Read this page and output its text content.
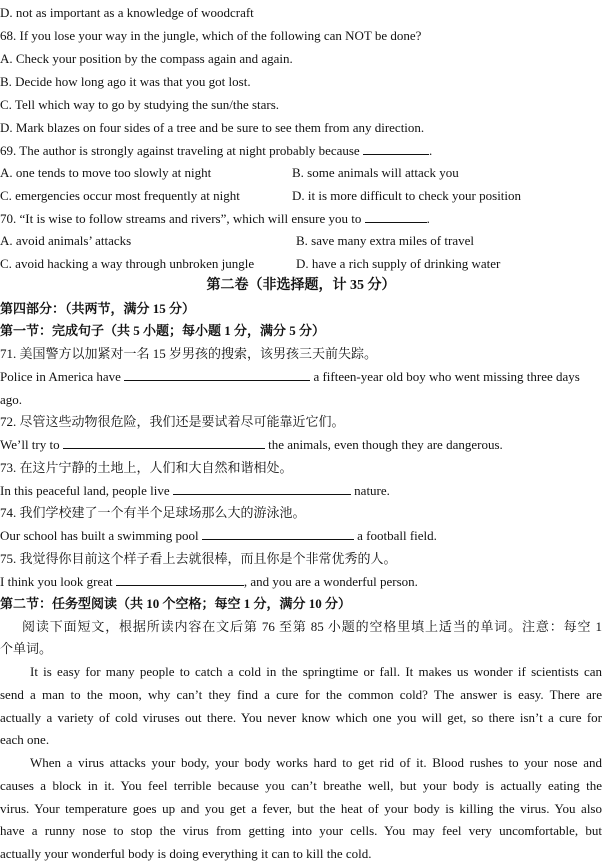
D. not as important as a knowledge of woodcraft
68. If you lose your way in the jungle, which of the following can NOT be done?
A. Check your position by the compass again and again.
B. Decide how long ago it was that you got lost.
C. Tell which way to go by studying the sun/the stars.
D. Mark blazes on four sides of a tree and be sure to see them from any direction.
69. The author is strongly against traveling at night probably because	.
A. one tends to move too slowly at night	B. some animals will attack you
C. emergencies occur most frequently at night	D. it is more difficult to check your position
70. “It is wise to follow streams and rivers”, which will ensure you to	.
A. avoid animals’ attacks	B. save many extra miles of travel
C. avoid hacking a way through unbroken jungle	D. have a rich supply of drinking water
第二卷（非选择题，计 35 分）
第四部分：（共两节，满分 15 分）
第一节：完成句子（共 5 小题；每小题 1 分，满分 5 分）
71. 美国警方以加紧对一名 15 岁男孩的搜索，该男孩三天前失踪。
Police in America have	a fifteen-year old boy who went missing three days
ago.
72. 尽管这些动物很危险，我们还是要试着尽可能靠近它们。
We’ll try to	the animals, even though they are dangerous.
73. 在这片宁静的土地上，人们和大自然和谐相处。
In this peaceful land, people live	nature.
74. 我们学校建了一个有半个足球场那么大的游泳池。
Our school has built a swimming pool	a football field.
75. 我觉得你目前这个样子看上去就很棒，而且你是个非常优秀的人。
I think you look great	, and you are a wonderful person.
第二节：任务型阅读（共 10 个空格；每空 1 分，满分 10 分）
阅读下面短文，根据所读内容在文后第 76 至第 85 小题的空格里填上适当的单词。注意：每空 1
个单词。
It is easy for many people to catch a cold in the springtime or fall. It makes us wonder if scientists can
send a man to the moon, why can’t they find a cure for the common cold? The answer is easy. There are
actually a variety of cold viruses out there. You never know which one you will get, so there isn’t a cure for
each one.
When a virus attacks your body, your body works hard to get rid of it. Blood rushes to your nose and
causes a block in it. You feel terrible because you can’t breathe well, but your body is actually eating the
virus. Your temperature goes up and you get a fever, but the heat of your body is killing the virus. You also
have a runny nose to stop the virus from getting into your cells. You may feel very uncomfortable, but
actually your wonderful body is doing everything it can to kill the cold.
